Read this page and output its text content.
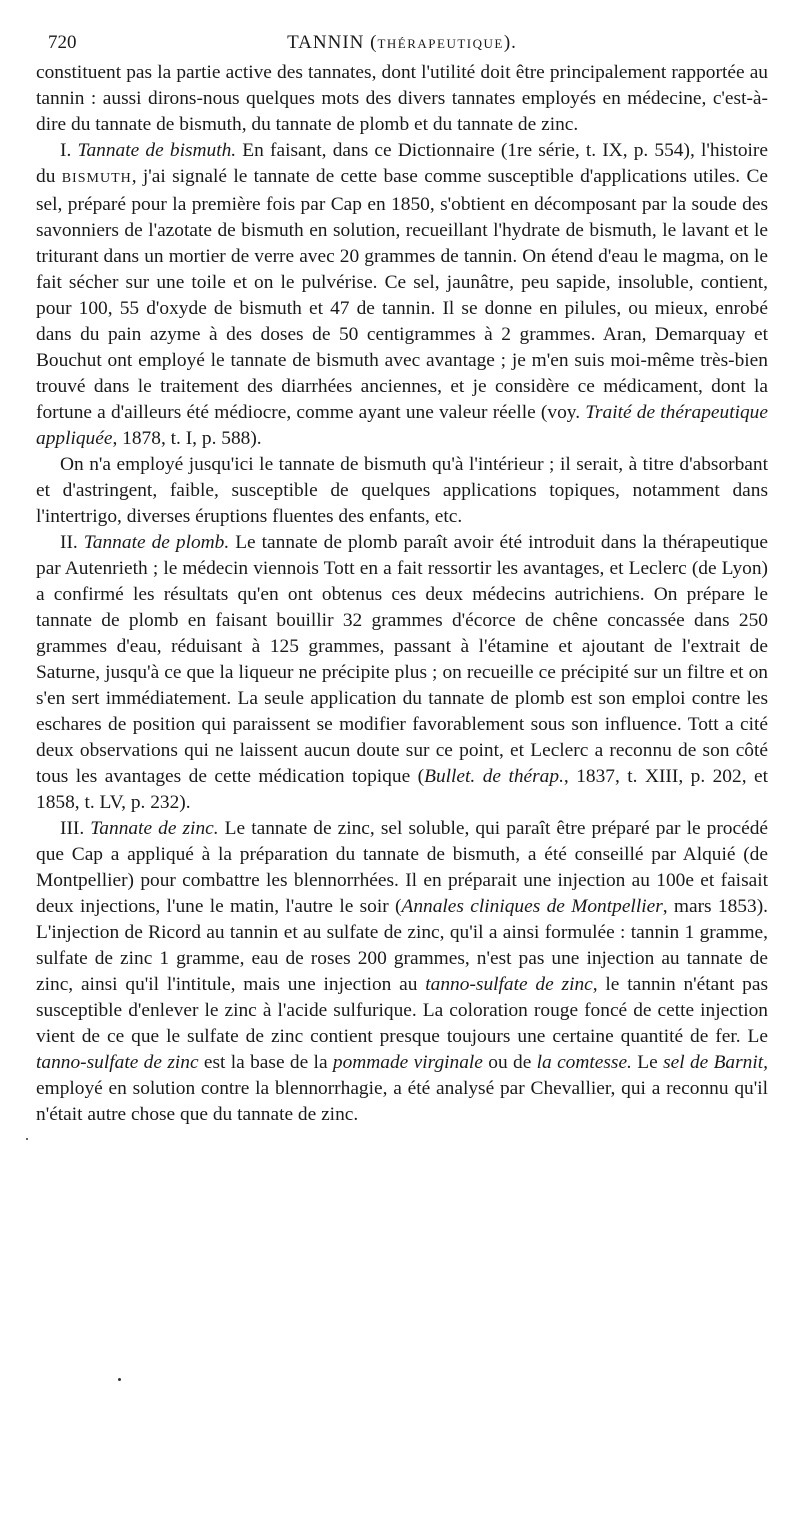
720	TANNIN (THÉRAPEUTIQUE).

constituent pas la partie active des tannates, dont l'utilité doit être principalement rapportée au tannin : aussi dirons-nous quelques mots des divers tannates employés en médecine, c'est-à-dire du tannate de bismuth, du tannate de plomb et du tannate de zinc.

I. Tannate de bismuth. En faisant, dans ce Dictionnaire (1re série, t. IX, p. 554), l'histoire du BISMUTH, j'ai signalé le tannate de cette base comme susceptible d'applications utiles. Ce sel, préparé pour la première fois par Cap en 1850, s'obtient en décomposant par la soude des savonniers de l'azotate de bismuth en solution, recueillant l'hydrate de bismuth, le lavant et le triturant dans un mortier de verre avec 20 grammes de tannin. On étend d'eau le magma, on le fait sécher sur une toile et on le pulvérise. Ce sel, jaunâtre, peu sapide, insoluble, contient, pour 100, 55 d'oxyde de bismuth et 47 de tannin. Il se donne en pilules, ou mieux, enrobé dans du pain azyme à des doses de 50 centigrammes à 2 grammes. Aran, Demarquay et Bouchut ont employé le tannate de bismuth avec avantage ; je m'en suis moi-même très-bien trouvé dans le traitement des diarrhées anciennes, et je considère ce médicament, dont la fortune a d'ailleurs été médiocre, comme ayant une valeur réelle (voy. Traité de thérapeutique appliquée, 1878, t. I, p. 588).

On n'a employé jusqu'ici le tannate de bismuth qu'à l'intérieur ; il serait, à titre d'absorbant et d'astringent, faible, susceptible de quelques applications topiques, notamment dans l'intertrigo, diverses éruptions fluentes des enfants, etc.

II. Tannate de plomb. Le tannate de plomb paraît avoir été introduit dans la thérapeutique par Autenrieth ; le médecin viennois Tott en a fait ressortir les avantages, et Leclerc (de Lyon) a confirmé les résultats qu'en ont obtenus ces deux médecins autrichiens. On prépare le tannate de plomb en faisant bouillir 32 grammes d'écorce de chêne concassée dans 250 grammes d'eau, réduisant à 125 grammes, passant à l'étamine et ajoutant de l'extrait de Saturne, jusqu'à ce que la liqueur ne précipite plus ; on recueille ce précipité sur un filtre et on s'en sert immédiatement. La seule application du tannate de plomb est son emploi contre les eschares de position qui paraissent se modifier favorablement sous son influence. Tott a cité deux observations qui ne laissent aucun doute sur ce point, et Leclerc a reconnu de son côté tous les avantages de cette médication topique (Bullet. de thérap., 1837, t. XIII, p. 202, et 1858, t. LV, p. 232).

III. Tannate de zinc. Le tannate de zinc, sel soluble, qui paraît être préparé par le procédé que Cap a appliqué à la préparation du tannate de bismuth, a été conseillé par Alquié (de Montpellier) pour combattre les blennorrhées. Il en préparait une injection au 100e et faisait deux injections, l'une le matin, l'autre le soir (Annales cliniques de Montpellier, mars 1853). L'injection de Ricord au tannin et au sulfate de zinc, qu'il a ainsi formulée : tannin 1 gramme, sulfate de zinc 1 gramme, eau de roses 200 grammes, n'est pas une injection au tannate de zinc, ainsi qu'il l'intitule, mais une injection au tanno-sulfate de zinc, le tannin n'étant pas susceptible d'enlever le zinc à l'acide sulfurique. La coloration rouge foncé de cette injection vient de ce que le sulfate de zinc contient presque toujours une certaine quantité de fer. Le tanno-sulfate de zinc est la base de la pommade virginale ou de la comtesse. Le sel de Barnit, employé en solution contre la blennorrhagie, a été analysé par Chevallier, qui a reconnu qu'il n'était autre chose que du tannate de zinc.
